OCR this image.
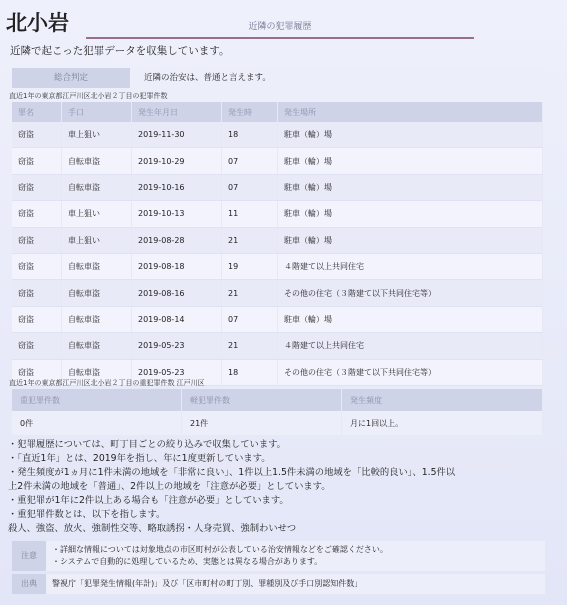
北小岩	近隣の犯罪履歴
近隣で起こった犯罪データを収集しています。
総合判定	近隣の治安は、普通と言えます。
直近1年の東京都江戸川区北小岩２丁目の犯罪件数
罪名	手口	発生年月日	発生時	発生場所
窃盗	車上狙い	2019-11-30	18	駐車（輪）場
窃盗	自転車盗	2019-10-29	07	駐車（輪）場
窃盗	自転車盗	2019-10-16	07	駐車（輪）場
窃盗	車上狙い	2019-10-13	11	駐車（輪）場
窃盗	車上狙い	2019-08-28	21	駐車（輪）場
窃盗	自転車盗	2019-08-18	19	４階建て以上共同住宅
窃盗	自転車盗	2019-08-16	21	その他の住宅（３階建て以下共同住宅等）
窃盗	自転車盗	2019-08-14	07	駐車（輪）場
窃盗	自転車盗	2019-05-23	21	４階建て以上共同住宅
窃盗	自転車盗	2019-05-23	18	その他の住宅（３階建て以下共同住宅等）
直近1年の東京都江戸川区北小岩２丁目の重犯罪件数 江戸川区
重犯罪件数	軽犯罪件数	発生頻度
0件	21件	月に1回以上。
・犯罪履歴については、町丁目ごとの絞り込みで収集しています。
・「直近1年」とは、2019年を指し、年に1度更新しています。
・発生頻度が1ヵ月に1件未満の地域を「非常に良い」、1件以上1.5件未満の地域を「比較的良い」、1.5件以
上2件未満の地域を「普通」、2件以上の地域を「注意が必要」としています。
・重犯罪が1年に2件以上ある場合も「注意が必要」としています。
・重犯罪件数とは、以下を指します。
殺人、強盗、放火、強制性交等、略取誘拐・人身売買、強制わいせつ
注意
・詳細な情報については対象地点の市区町村が公表している治安情報などをご確認ください。
・システムで自動的に処理しているため、実態とは異なる場合があります。
出典	警視庁「犯罪発生情報(年計)」及び「区市町村の町丁別、罪種別及び手口別認知件数」
